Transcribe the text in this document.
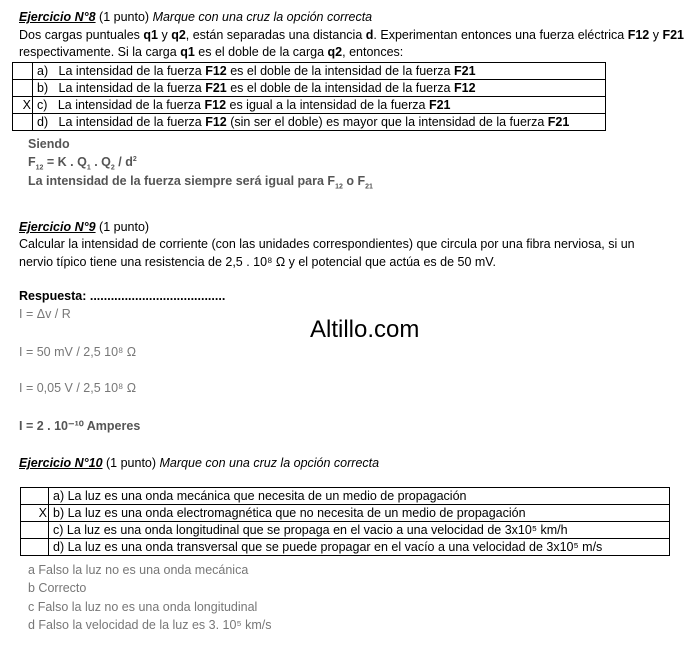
Ejercicio N°8 (1 punto) Marque con una cruz la opción correcta
Dos cargas puntuales q1 y q2, están separadas una distancia d. Experimentan entonces una fuerza eléctrica F12 y F21
respectivamente. Si la carga q1 es el doble de la carga q2, entonces:
	a) La intensidad de la fuerza F12 es el doble de la intensidad de la fuerza F21
	b) La intensidad de la fuerza F21 es el doble de la intensidad de la fuerza F12
X	c) La intensidad de la fuerza F12 es igual a la intensidad de la fuerza F21
	d) La intensidad de la fuerza F12 (sin ser el doble) es mayor que la intensidad de la fuerza F21
Siendo
$F_{12} = K$ . $Q_1$ . $Q_2 / d^2$
La intensidad de la fuerza siempre será igual para $F_{12}$ o $F_{21}$
Ejercicio N°9 (1 punto)
Calcular la intensidad de corriente (con las unidades correspondientes) que circula por una fibra nerviosa, si un
nervio típico tiene una resistencia de 2,5 . 10⁸ Ω y el potencial que actúa es de 50 mV.
Respuesta: .......................................
I = Δv / R
I = 50 mV / 2,5 10⁸ Ω
I = 0,05 V / 2,5 10⁸ Ω
I = 2 . 10⁻¹⁰ Amperes
Altillo.com
Ejercicio N°10 (1 punto) Marque con una cruz la opción correcta
	a) La luz es una onda mecánica que necesita de un medio de propagación
X	b) La luz es una onda electromagnética que no necesita de un medio de propagación
	c) La luz es una onda longitudinal que se propaga en el vacio a una velocidad de 3x10⁵ km/h
	d) La luz es una onda transversal que se puede propagar en el vacío a una velocidad de 3x10⁵ m/s
a Falso la luz no es una onda mecánica
b Correcto
c Falso la luz no es una onda longitudinal
d Falso la velocidad de la luz es 3. 10⁵ km/s
